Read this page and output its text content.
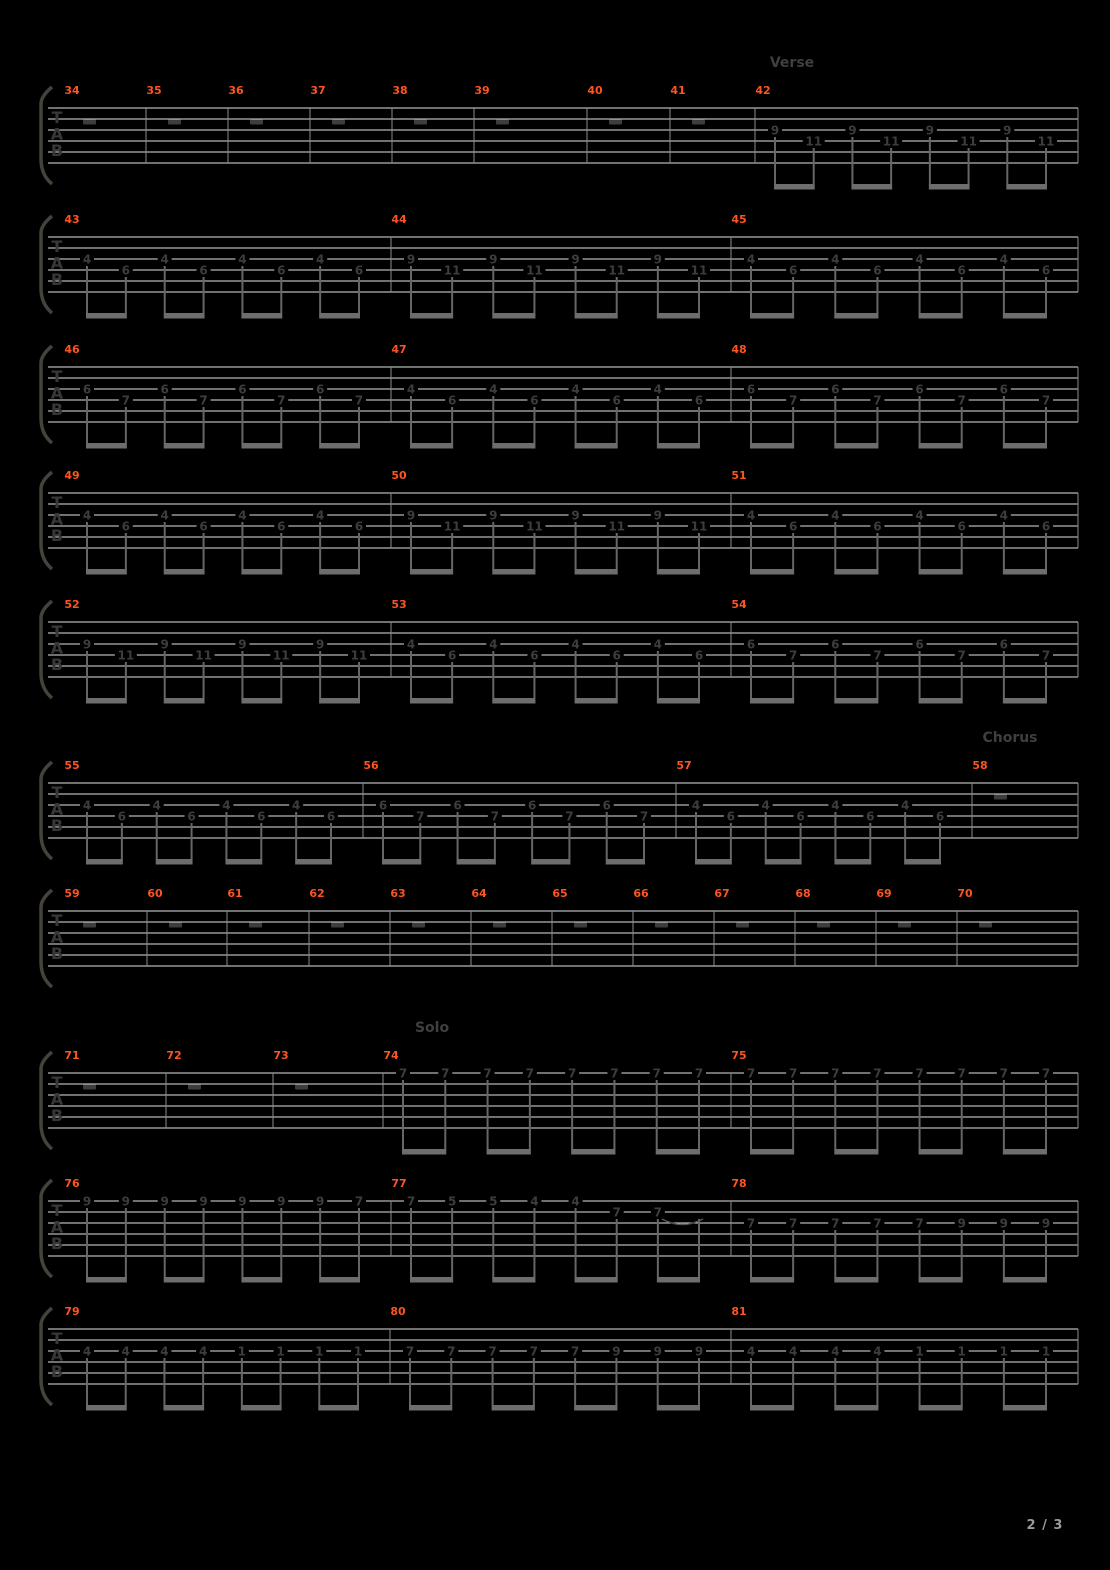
Verse
T
A
B
34	35	36	37	38	39	40	41	42
9
11
9
11
9
11
9
11
T
A
B
43
4
6
4
6
4
6
4
6
44
9
11
9
11
9
11
9
11
45
4
6
4
6
4
6
4
6
T
A
B
46
6
7
6
7
6
7
6
7
47
4
6
4
6
4
6
4
6
48
6
7
6
7
6
7
6
7
T
A
B
49
4
6
4
6
4
6
4
6
50
9
11
9
11
9
11
9
11
51
4
6
4
6
4
6
4
6
T
A
B
52
9
11
9
11
9
11
9
11
53
4
6
4
6
4
6
4
6
54
6
7
6
7
6
7
6
7
Chorus
T
A
B
55
4
6
4
6
4
6
4
6
56
6
7
6
7
6
7
6
7
57
4
6
4
6
4
6
4
6
58
T
A
B
59	60	61	62	63	64	65	66	67	68	69	70
Solo
T
A
B
71	72	73	74
7	7	7	7	7	7	7	7
75
7	7	7	7	7	7	7	7
T
A
B
76
9	9	9	9	9	9	9	7
77
7	5	5	4	4
7	7
78
7	7	7	7	7	9	9	9
T
A
B
79
4	4	4	4	1	1	1	1
80
7	7	7	7	7	9	9	9
81
4	4	4	4	1	1	1	1
2 / 3
